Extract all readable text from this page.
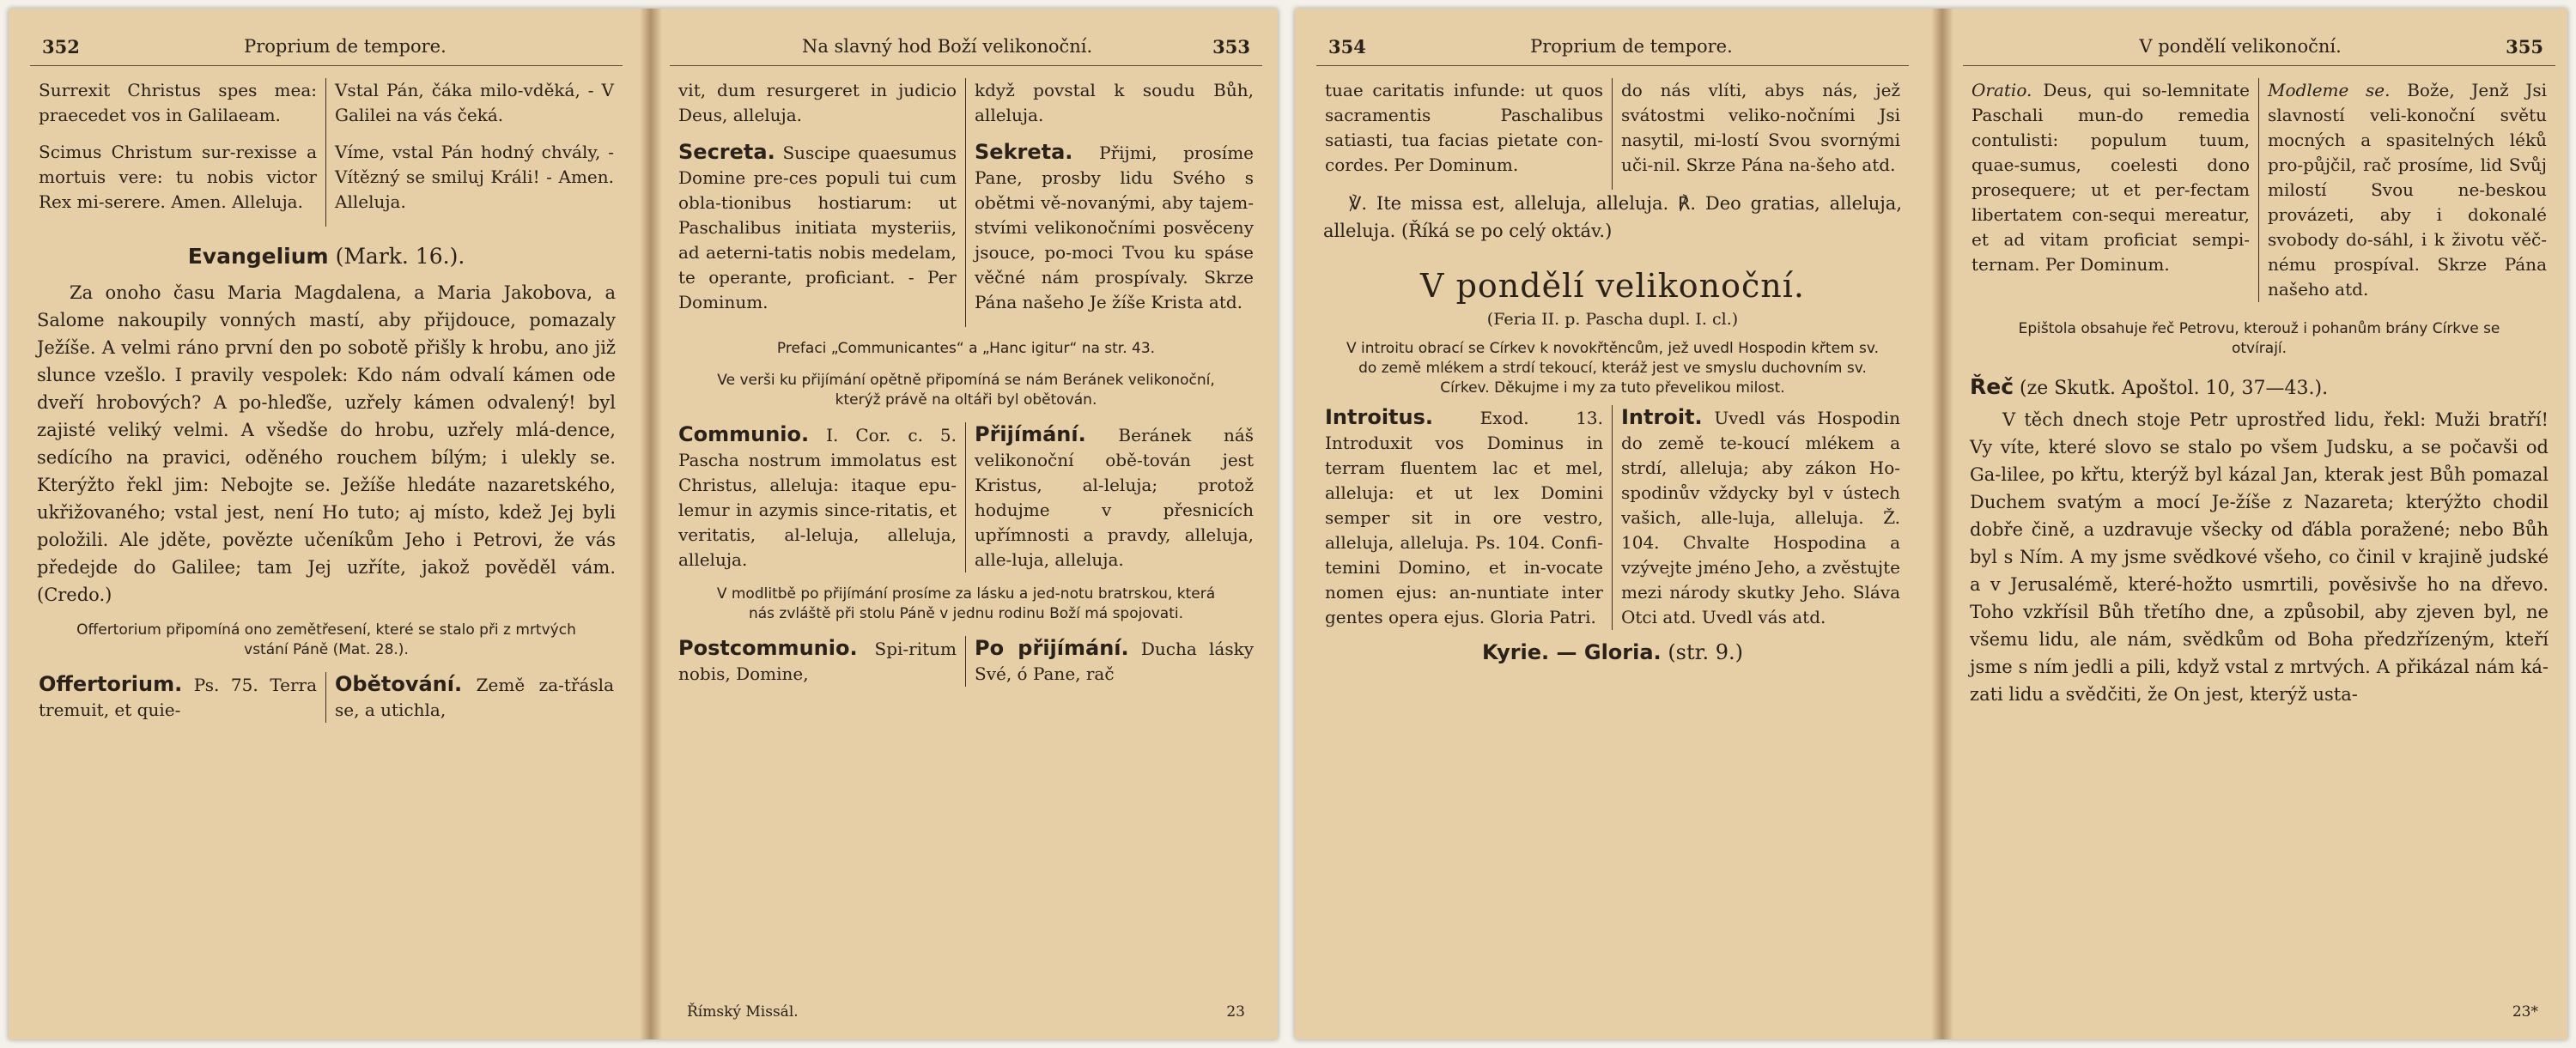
352	Proprium de tempore.

Surrexit Christus spes mea: praecedet vos in Galilaeam.

Scimus Christum sur-rexisse a mortuis vere: tu nobis victor Rex mi-serere. Amen. Alleluja.

Vstal Pán, čáka milo-vděká, - V Galilei na vás čeká.

Víme, vstal Pán hodný chvály, - Vítězný se smiluj Králi! - Amen. Alleluja.

Evangelium (Mark. 16.).

Za onoho času Maria Magdalena, a Maria Jakobova, a Salome nakoupily vonných mastí, aby přijdouce, pomazaly Ježíše. A velmi ráno první den po sobotě přišly k hrobu, ano již slunce vzešlo. I pravily vespolek: Kdo nám odvalí kámen ode dveří hrobových? A po-hleďše, uzřely kámen odvalený! byl zajisté veliký velmi. A všedše do hrobu, uzřely mlá-dence, sedícího na pravici, oděného rouchem bílým; i ulekly se. Kterýžto řekl jim: Nebojte se. Ježíše hledáte nazaretského, ukřižovaného; vstal jest, není Ho tuto; aj místo, kdež Jej byli položili. Ale jděte, povězte učeníkům Jeho i Petrovi, že vás předejde do Galilee; tam Jej uzříte, jakož pověděl vám. (Credo.)

Offertorium připomíná ono zemětřesení, které se stalo při z mrtvých vstání Páně (Mat. 28.).

Offertorium. Ps. 75. Terra tremuit, et quie-
Obětování. Země za-třásla se, a utichla,
Na slavný hod Boží velikonoční.	353

vit, dum resurgeret in judicio Deus, alleluja.

Secreta. Suscipe quaesumus Domine pre-ces populi tui cum obla-tionibus hostiarum: ut Paschalibus initiata mysteriis, ad aeterni-tatis nobis medelam, te operante, proficiant. - Per Dominum.

když povstal k soudu Bůh, alleluja.

Sekreta. Přijmi, prosíme Pane, prosby lidu Svého s obětmi vě-novanými, aby tajem-stvími velikonočními posvěceny jsouce, po-moci Tvou ku spáse věčné nám prospívaly. Skrze Pána našeho Je žíše Krista atd.

Prefaci „Communicantes“ a „Hanc igitur“ na str. 43.

Ve verši ku přijímání opětně připomíná se nám Beránek velikonoční, kterýž právě na oltáři byl obětován.

Communio. I. Cor. c. 5. Pascha nostrum immolatus est Christus, alleluja: itaque epu-lemur in azymis since-ritatis, et veritatis, al-leluja, alleluja, alleluja.
Přijímání. Beránek náš velikonoční obě-tován jest Kristus, al-leluja; protož hodujme v přesnicích upřímnosti a pravdy, alleluja, alle-luja, alleluja.

V modlitbě po přijímání prosíme za lásku a jed-notu bratrskou, která nás zvláště při stolu Páně v jednu rodinu Boží má spojovati.

Postcommunio. Spi-ritum nobis, Domine,
Po přijímání. Ducha lásky Své, ó Pane, rač
Římský Missál.	23
354	Proprium de tempore.

tuae caritatis infunde: ut quos sacramentis Paschalibus satiasti, tua facias pietate con-cordes. Per Dominum.

do nás vlíti, abys nás, jež svátostmi veliko-nočními Jsi nasytil, mi-lostí Svou svornými uči-nil. Skrze Pána na-šeho atd.

℣. Ite missa est, alleluja, alleluja. ℟. Deo gratias, alleluja, alleluja. (Říká se po celý oktáv.)

V pondělí velikonoční.
(Feria II. p. Pascha dupl. I. cl.)

V introitu obrací se Církev k novokřtěncům, jež uvedl Hospodin křtem sv. do země mlékem a strdí tekoucí, kteráž jest ve smyslu duchovním sv. Církev. Děkujme i my za tuto převelikou milost.

Introitus.	Exod. 13. Introduxit vos Dominus in terram fluentem lac et mel, alleluja: et ut lex Domini semper sit in ore vestro, alleluja, alleluja. Ps. 104. Confi-temini Domino, et in-vocate nomen ejus: an-nuntiate inter gentes opera ejus. Gloria Patri.
Introit. Uvedl vás Hospodin do země te-koucí mlékem a strdí, alleluja; aby zákon Ho-spodinův vždycky byl v ústech vašich, alle-luja, alleluja. Ž. 104. Chvalte Hospodina a vzývejte jméno Jeho, a zvěstujte mezi národy skutky Jeho. Sláva Otci atd. Uvedl vás atd.
Kyrie. — Gloria. (str. 9.)
V pondělí velikonoční.	355
Oratio. Deus, qui so-lemnitate Paschali mun-do remedia contulisti: populum tuum, quae-sumus, coelesti dono prosequere; ut et per-fectam libertatem con-sequi mereatur, et ad vitam proficiat sempi-ternam. Per Dominum.
Modleme se. Bože, Jenž Jsi slavností veli-konoční světu mocných a spasitelných léků pro-půjčil, rač prosíme, lid Svůj milostí Svou ne-beskou provázeti, aby i dokonalé svobody do-sáhl, i k životu věč-nému prospíval. Skrze Pána našeho atd.

Epištola obsahuje řeč Petrovu, kterouž i pohanům brány Církve se otvírají.

Řeč (ze Skutk. Apoštol. 10, 37—43.).

V těch dnech stoje Petr uprostřed lidu, řekl: Muži bratří! Vy víte, které slovo se stalo po všem Judsku, a se počavši od Ga-lilee, po křtu, kterýž byl kázal Jan, kterak jest Bůh pomazal Duchem svatým a mocí Je-žíše z Nazareta; kterýžto chodil dobře čině, a uzdravuje všecky od ďábla poražené; nebo Bůh byl s Ním. A my jsme svědkové všeho, co činil v krajině judské a v Jerusalémě, které-hožto usmrtili, pověsivše ho na dřevo. Toho vzkřísil Bůh třetího dne, a způsobil, aby zjeven byl, ne všemu lidu, ale nám, svědkům od Boha předzřízeným, kteří jsme s ním jedli a pili, když vstal z mrtvých. A přikázal nám ká-zati lidu a svědčiti, že On jest, kterýž usta-

23*
